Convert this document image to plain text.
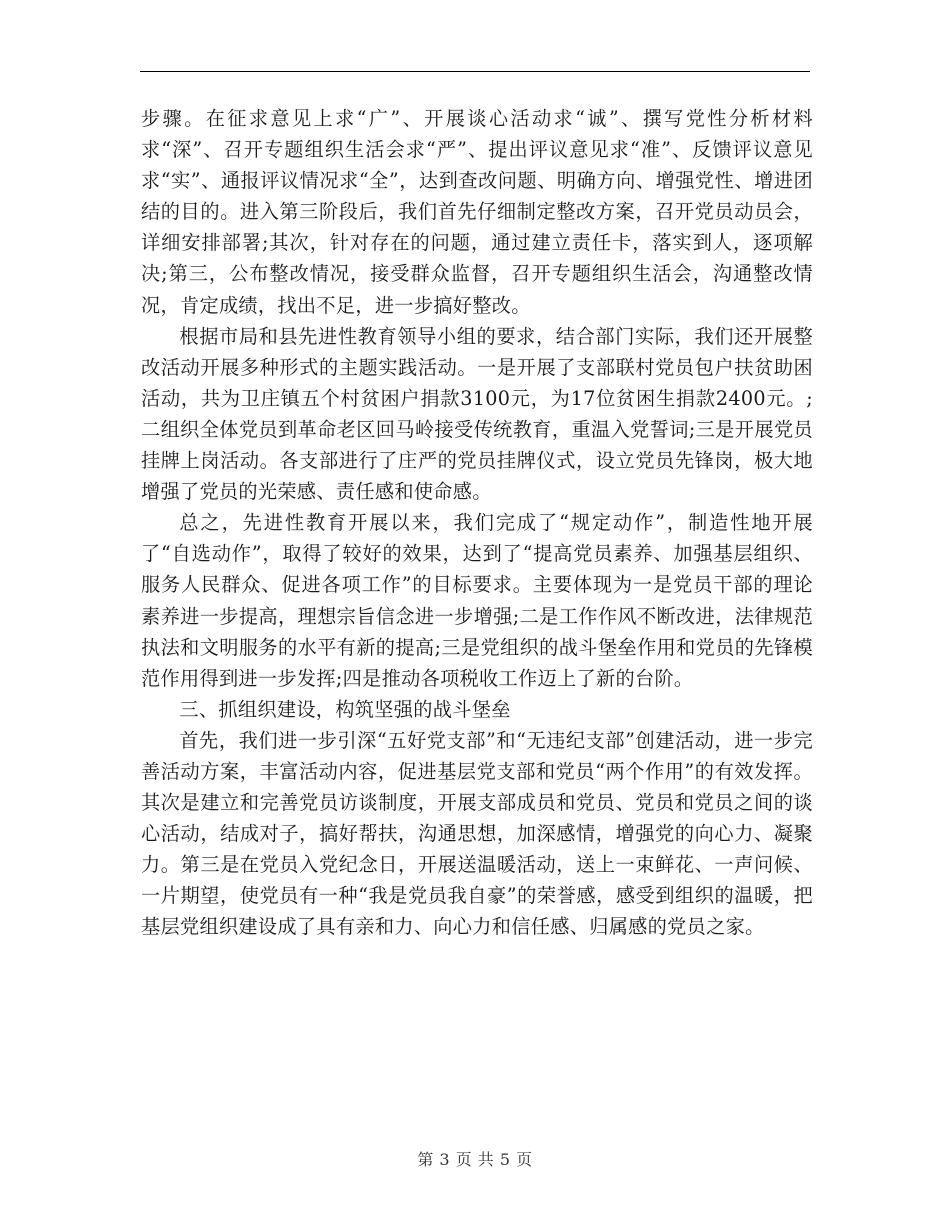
步骤。在征求意见上求“广”、开展谈心活动求“诚”、撰写党性分析材料求“深”、召开专题组织生活会求“严”、提出评议意见求“准”、反馈评议意见求“实”、通报评议情况求“全”，达到查改问题、明确方向、增强党性、增进团结的目的。进入第三阶段后，我们首先仔细制定整改方案，召开党员动员会，详细安排部署;其次，针对存在的问题，通过建立责任卡，落实到人，逐项解决;第三，公布整改情况，接受群众监督，召开专题组织生活会，沟通整改情况，肯定成绩，找出不足，进一步搞好整改。

根据市局和县先进性教育领导小组的要求，结合部门实际，我们还开展整改活动开展多种形式的主题实践活动。一是开展了支部联村党员包户扶贫助困活动，共为卫庄镇五个村贫困户捐款3100元，为17位贫困生捐款2400元。;二组织全体党员到革命老区回马岭接受传统教育，重温入党誓词;三是开展党员挂牌上岗活动。各支部进行了庄严的党员挂牌仪式，设立党员先锋岗，极大地增强了党员的光荣感、责任感和使命感。

总之，先进性教育开展以来，我们完成了“规定动作”，制造性地开展了“自选动作”，取得了较好的效果，达到了“提高党员素养、加强基层组织、服务人民群众、促进各项工作”的目标要求。主要体现为一是党员干部的理论素养进一步提高，理想宗旨信念进一步增强;二是工作作风不断改进，法律规范执法和文明服务的水平有新的提高;三是党组织的战斗堡垒作用和党员的先锋模范作用得到进一步发挥;四是推动各项税收工作迈上了新的台阶。

三、抓组织建设，构筑坚强的战斗堡垒

首先，我们进一步引深“五好党支部”和“无违纪支部”创建活动，进一步完善活动方案，丰富活动内容，促进基层党支部和党员“两个作用”的有效发挥。其次是建立和完善党员访谈制度，开展支部成员和党员、党员和党员之间的谈心活动，结成对子，搞好帮扶，沟通思想，加深感情，增强党的向心力、凝聚力。第三是在党员入党纪念日，开展送温暖活动，送上一束鲜花、一声问候、一片期望，使党员有一种“我是党员我自豪”的荣誉感，感受到组织的温暖，把基层党组织建设成了具有亲和力、向心力和信任感、归属感的党员之家。

第 3 页 共 5 页
